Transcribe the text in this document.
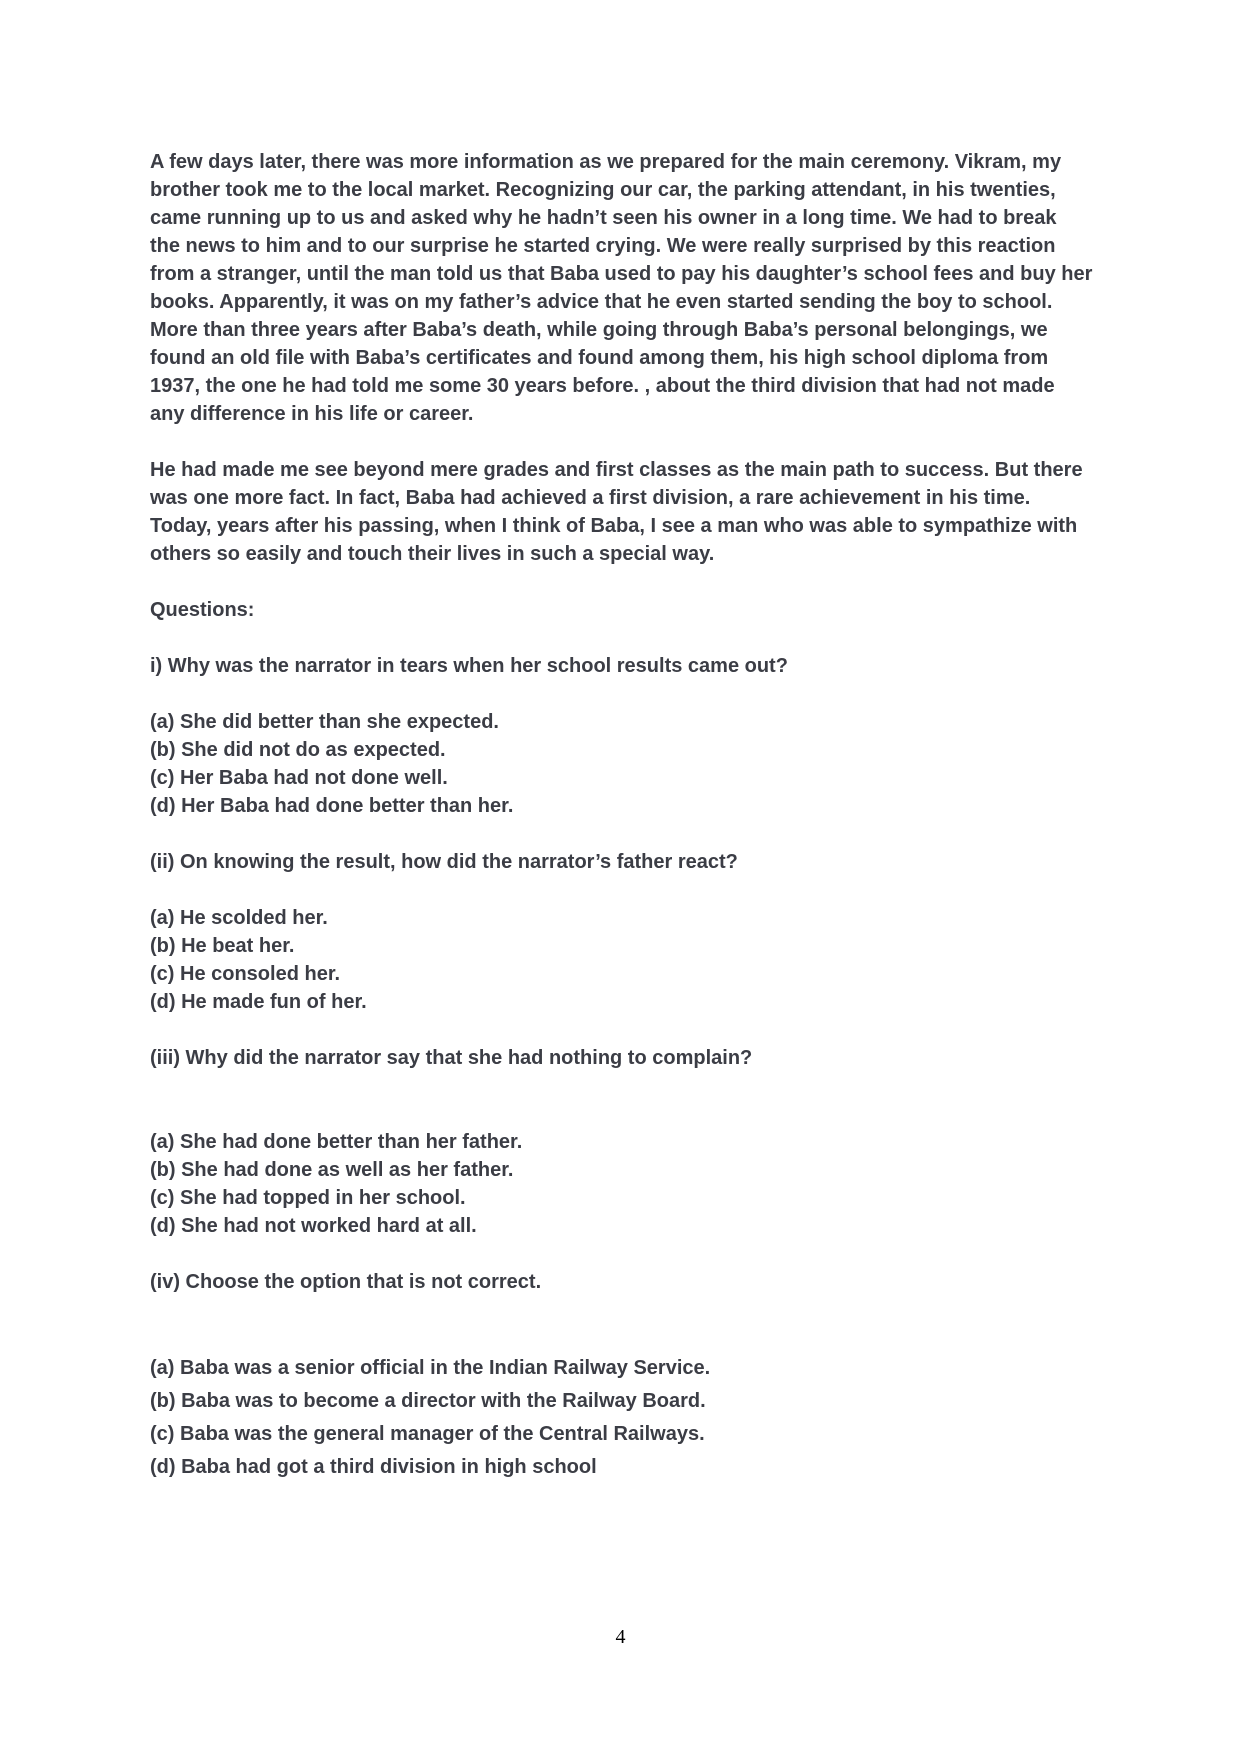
A few days later, there was more information as we prepared for the main ceremony. Vikram, my
brother took me to the local market. Recognizing our car, the parking attendant, in his twenties,
came running up to us and asked why he hadn’t seen his owner in a long time. We had to break
the news to him and to our surprise he started crying. We were really surprised by this reaction
from a stranger, until the man told us that Baba used to pay his daughter’s school fees and buy her
books. Apparently, it was on my father’s advice that he even started sending the boy to school.
More than three years after Baba’s death, while going through Baba’s personal belongings, we
found an old file with Baba’s certificates and found among them, his high school diploma from
1937, the one he had told me some 30 years before. , about the third division that had not made
any difference in his life or career.

He had made me see beyond mere grades and first classes as the main path to success. But there
was one more fact. In fact, Baba had achieved a first division, a rare achievement in his time.
Today, years after his passing, when I think of Baba, I see a man who was able to sympathize with
others so easily and touch their lives in such a special way.

Questions:

i) Why was the narrator in tears when her school results came out?

(a) She did better than she expected.
(b) She did not do as expected.
(c) Her Baba had not done well.
(d) Her Baba had done better than her.

(ii) On knowing the result, how did the narrator’s father react?

(a) He scolded her.
(b) He beat her.
(c) He consoled her.
(d) He made fun of her.

(iii) Why did the narrator say that she had nothing to complain?

(a) She had done better than her father.
(b) She had done as well as her father.
(c) She had topped in her school.
(d) She had not worked hard at all.

(iv) Choose the option that is not correct.

(a) Baba was a senior official in the Indian Railway Service.
(b) Baba was to become a director with the Railway Board.
(c) Baba was the general manager of the Central Railways.
(d) Baba had got a third division in high school
4
